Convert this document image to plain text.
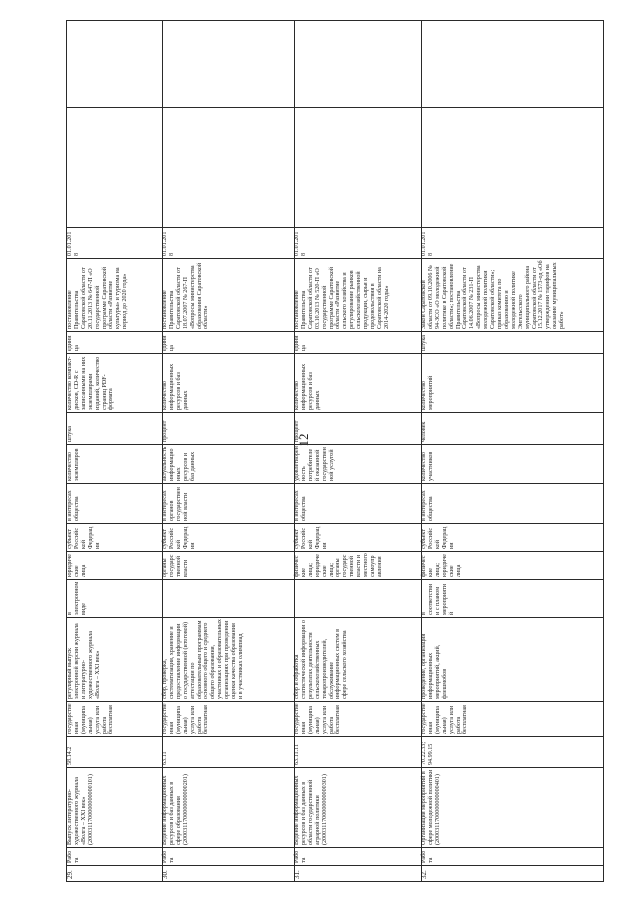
12
29.
Работа
Выпуск литературно-художественного журнала «Волга – XXI век» (2000311700000000000101)
58.14.2
государственная (муниципальная) услуга или работа бесплатная
регулярный выпуск электронной версии журнала и литературно-художественного журнала «Волга – XXI век»
в электронном виде
юридические лица
субъект Российской Федерации
в интересах общества
количество экземпляров
штука
количество компакт-дисков, CD-R с записанными на них экземплярами изданий, количество страниц PDF-формата
единица
постановление Правительства Саратовской области от 20.11.2013 № 647-П «О государственной программе Саратовской области «Развитие культуры» и туризма на период до 2020 года»
01.01.2018
30.
Работа
Ведение информационных ресурсов и баз данных в сфере образования (2000311700000000000201)
63.11
государственная (муниципальная) услуга или работа бесплатная
сбор, проверка, систематизация, хранение и предоставление информации о государственной (итоговой) аттестации по образовательным программам основного общего и среднего общего образования, участниках и образовательных организациях при проведении оценки качества образования и в участниках олимпиад
органы государственной власти
субъект Российской Федерации
в интересах органов государственной власти
актуальность информационных ресурсов и баз данных
процент
количество информационных ресурсов и баз данных
единица
постановление Правительства Саратовской области от 18.07.2007 № 267-П «Вопросы министерства образования Саратовской области»
01.01.2018
31.
Работа
Ведение информационных ресурсов и баз данных в области государственной аграрной политики (2000311700000000000301)
63.11.11
государственная (муниципальная) услуга или работа бесплатная
сбор и обработка статистической информации о результатах деятельности сельскохозяйственных товаропроизводителей, обслуживание информационных систем в сфере сельского хозяйства
физические лица; юридические лица; органы государственной власти и местного самоуправления
субъект Российской Федерации
в интересах общества
удовлетворенность потребителей оказанной государственной услугой
процент
количество информационных ресурсов и баз данных
единица
постановление Правительства Саратовской области от 03.10.2013 № 520-П «О государственной программе Саратовской области «Развитие сельского хозяйства и регулирование рынков сельскохозяйственной продукции, сырья и продовольствия в Саратовской области на 2014-2020 годы»
01.01.2018
32.
Работа
Организация мероприятий в сфере молодежной политики (2000311700000000000401)
70.22.33; 94.99.15
государственная (муниципальная) услуга или работа бесплатная
проведение, организация информационных мероприятий, акций, флешмобов
в соответствии с планом мероприятий
физические лица; юридические лица
субъект Российской Федерации
в интересах общества
количество участников
человек
количество мероприятий
штука
Закон Саратовской области от 09.10.2006 № 94-ЗСО «О молодежной политике в Саратовской области»; постановление Правительства Саратовской области от 14.06.2007 № 231-П «Вопросы министерства молодежной политики Саратовской области»; приказ комитета по образованию и молодежной политике Энгельсского муниципального района Саратовской области от 15.12.2017 № 1573-од «Об утверждении тарифов на оказание муниципальных работ»
01.01.2018
